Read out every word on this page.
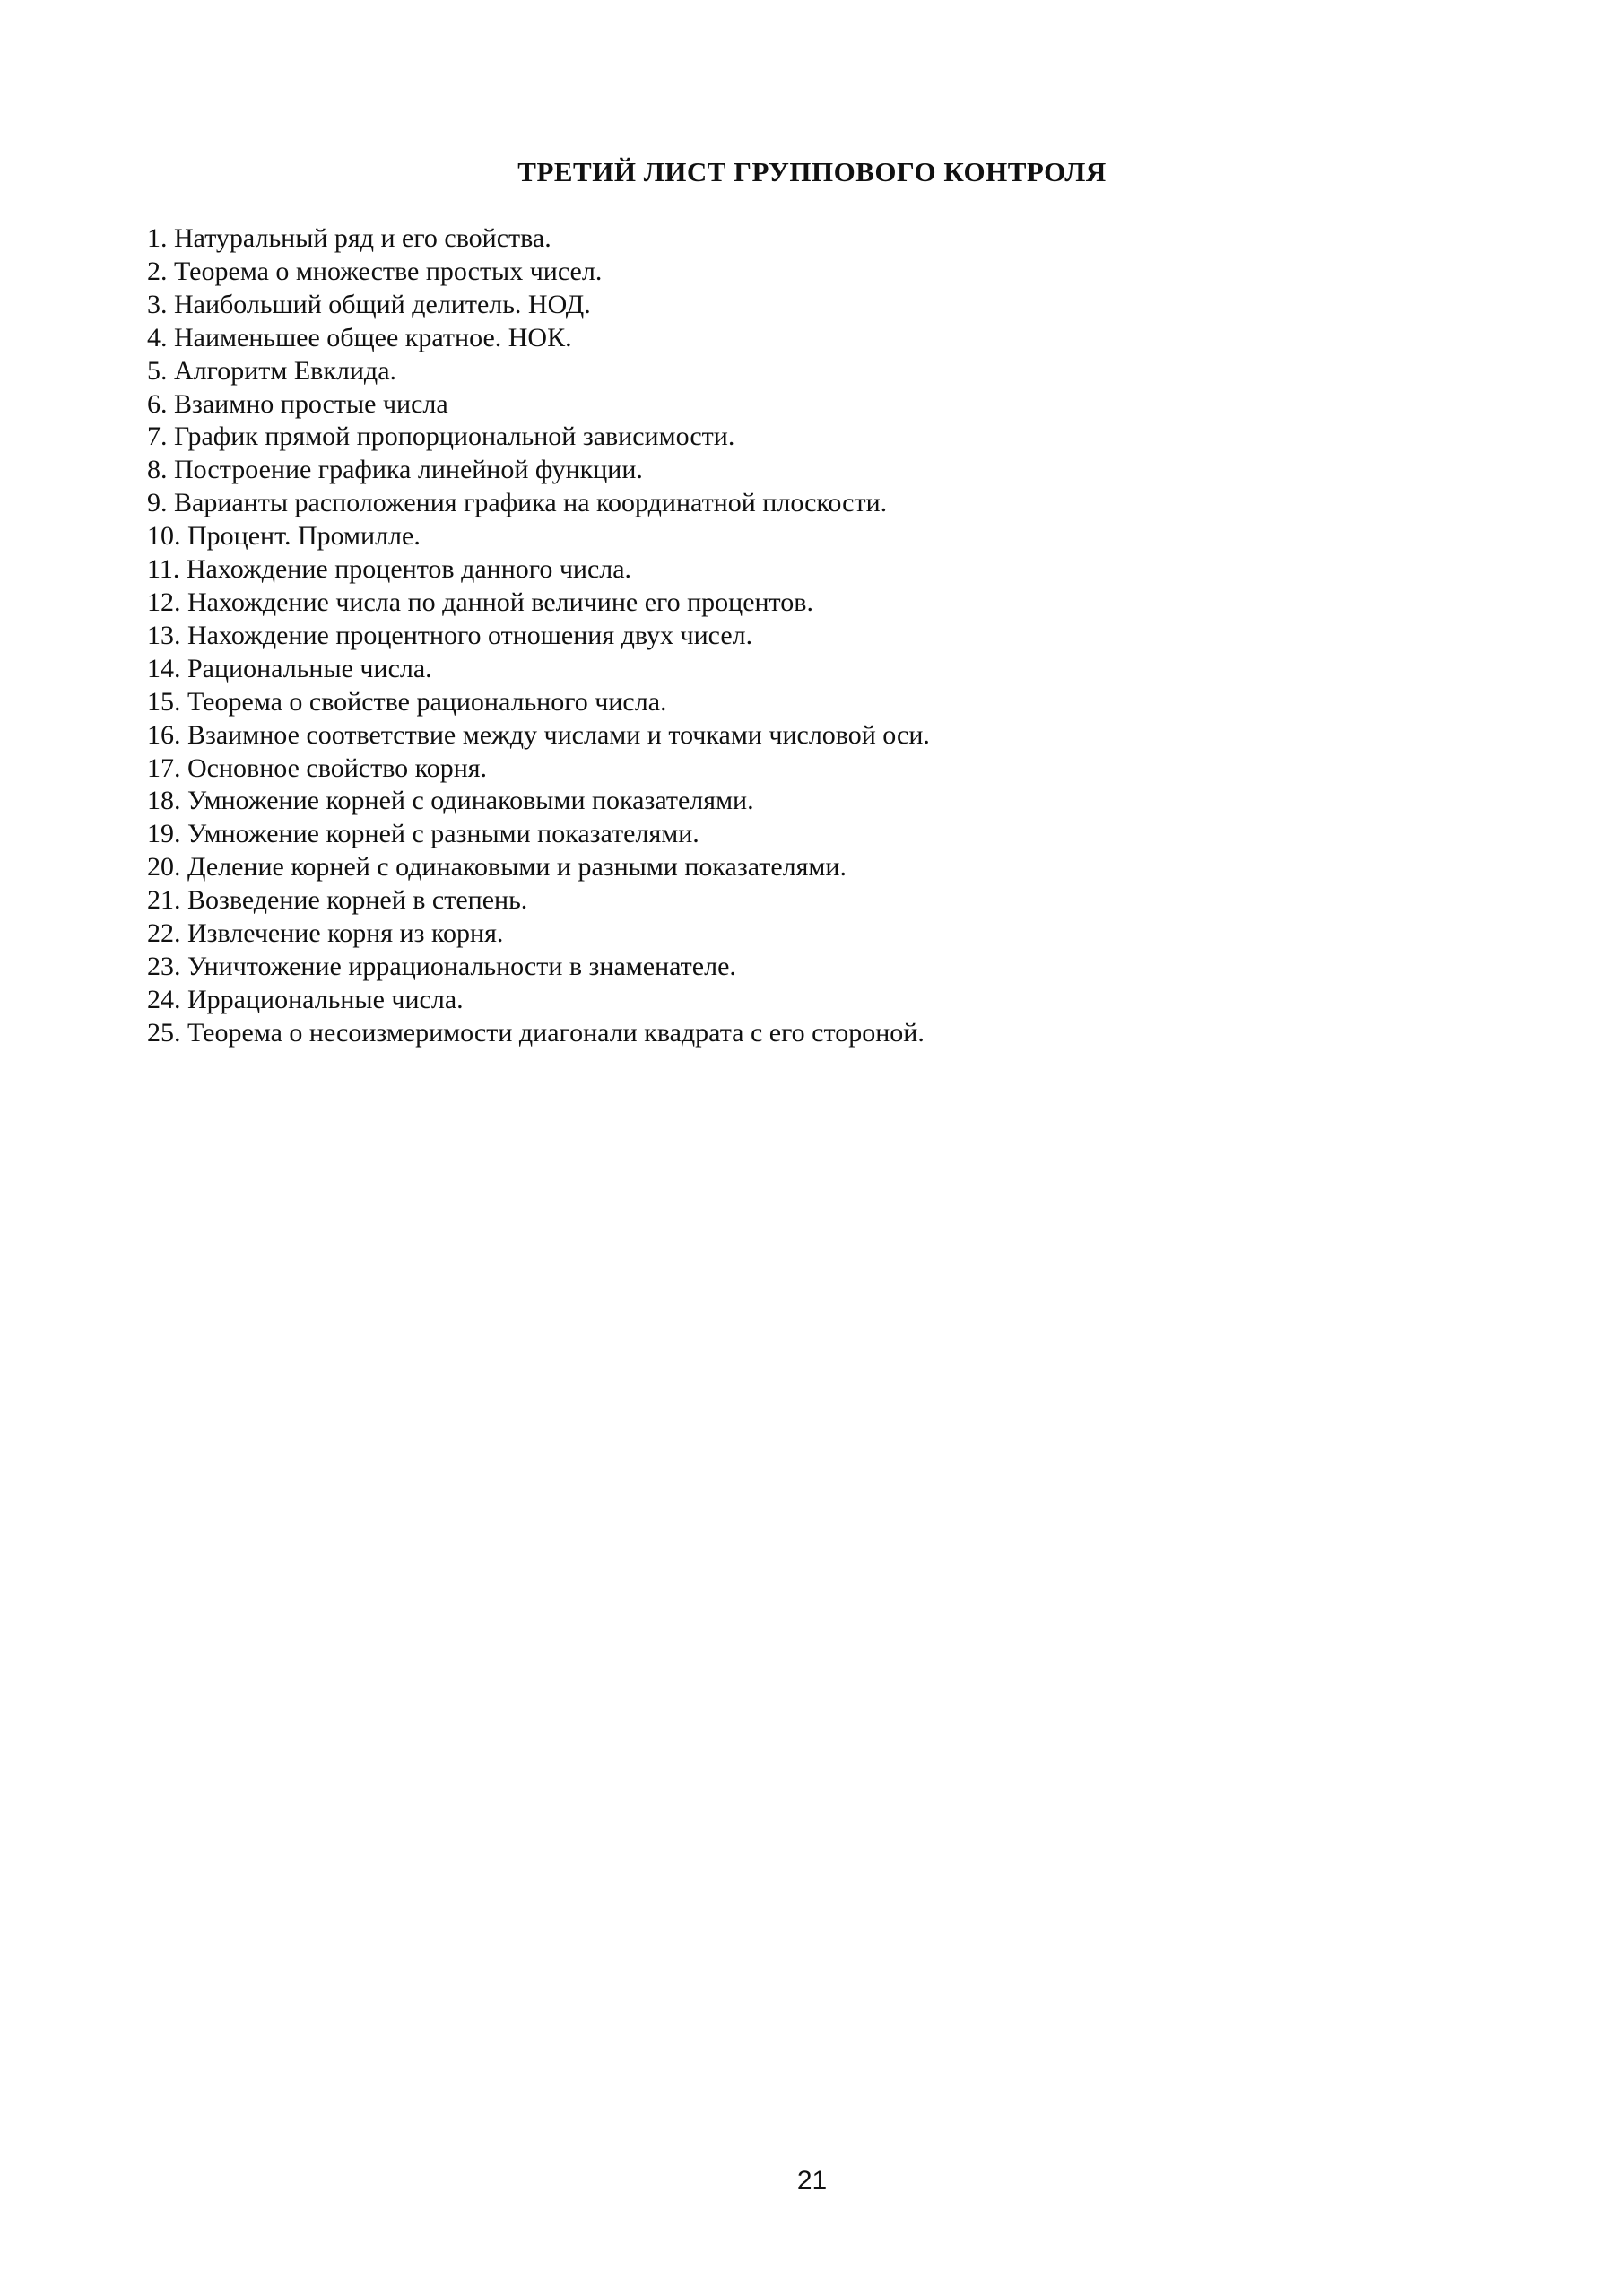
ТРЕТИЙ ЛИСТ ГРУППОВОГО КОНТРОЛЯ
1. Натуральный ряд и его свойства.
2. Теорема о множестве простых чисел.
3. Наибольший общий делитель. НОД.
4. Наименьшее общее кратное. НОК.
5. Алгоритм Евклида.
6. Взаимно простые числа
7. График прямой пропорциональной зависимости.
8. Построение графика линейной функции.
9. Варианты расположения графика на координатной плоскости.
10. Процент. Промилле.
11. Нахождение процентов данного числа.
12. Нахождение числа по данной величине его процентов.
13. Нахождение процентного отношения двух чисел.
14. Рациональные числа.
15. Теорема о свойстве рационального числа.
16. Взаимное соответствие между числами и точками числовой оси.
17. Основное свойство корня.
18. Умножение корней с одинаковыми показателями.
19. Умножение корней с разными показателями.
20. Деление корней с одинаковыми и разными показателями.
21. Возведение корней в степень.
22. Извлечение корня из корня.
23. Уничтожение иррациональности в знаменателе.
24. Иррациональные числа.
25. Теорема о несоизмеримости диагонали квадрата с его стороной.
21
